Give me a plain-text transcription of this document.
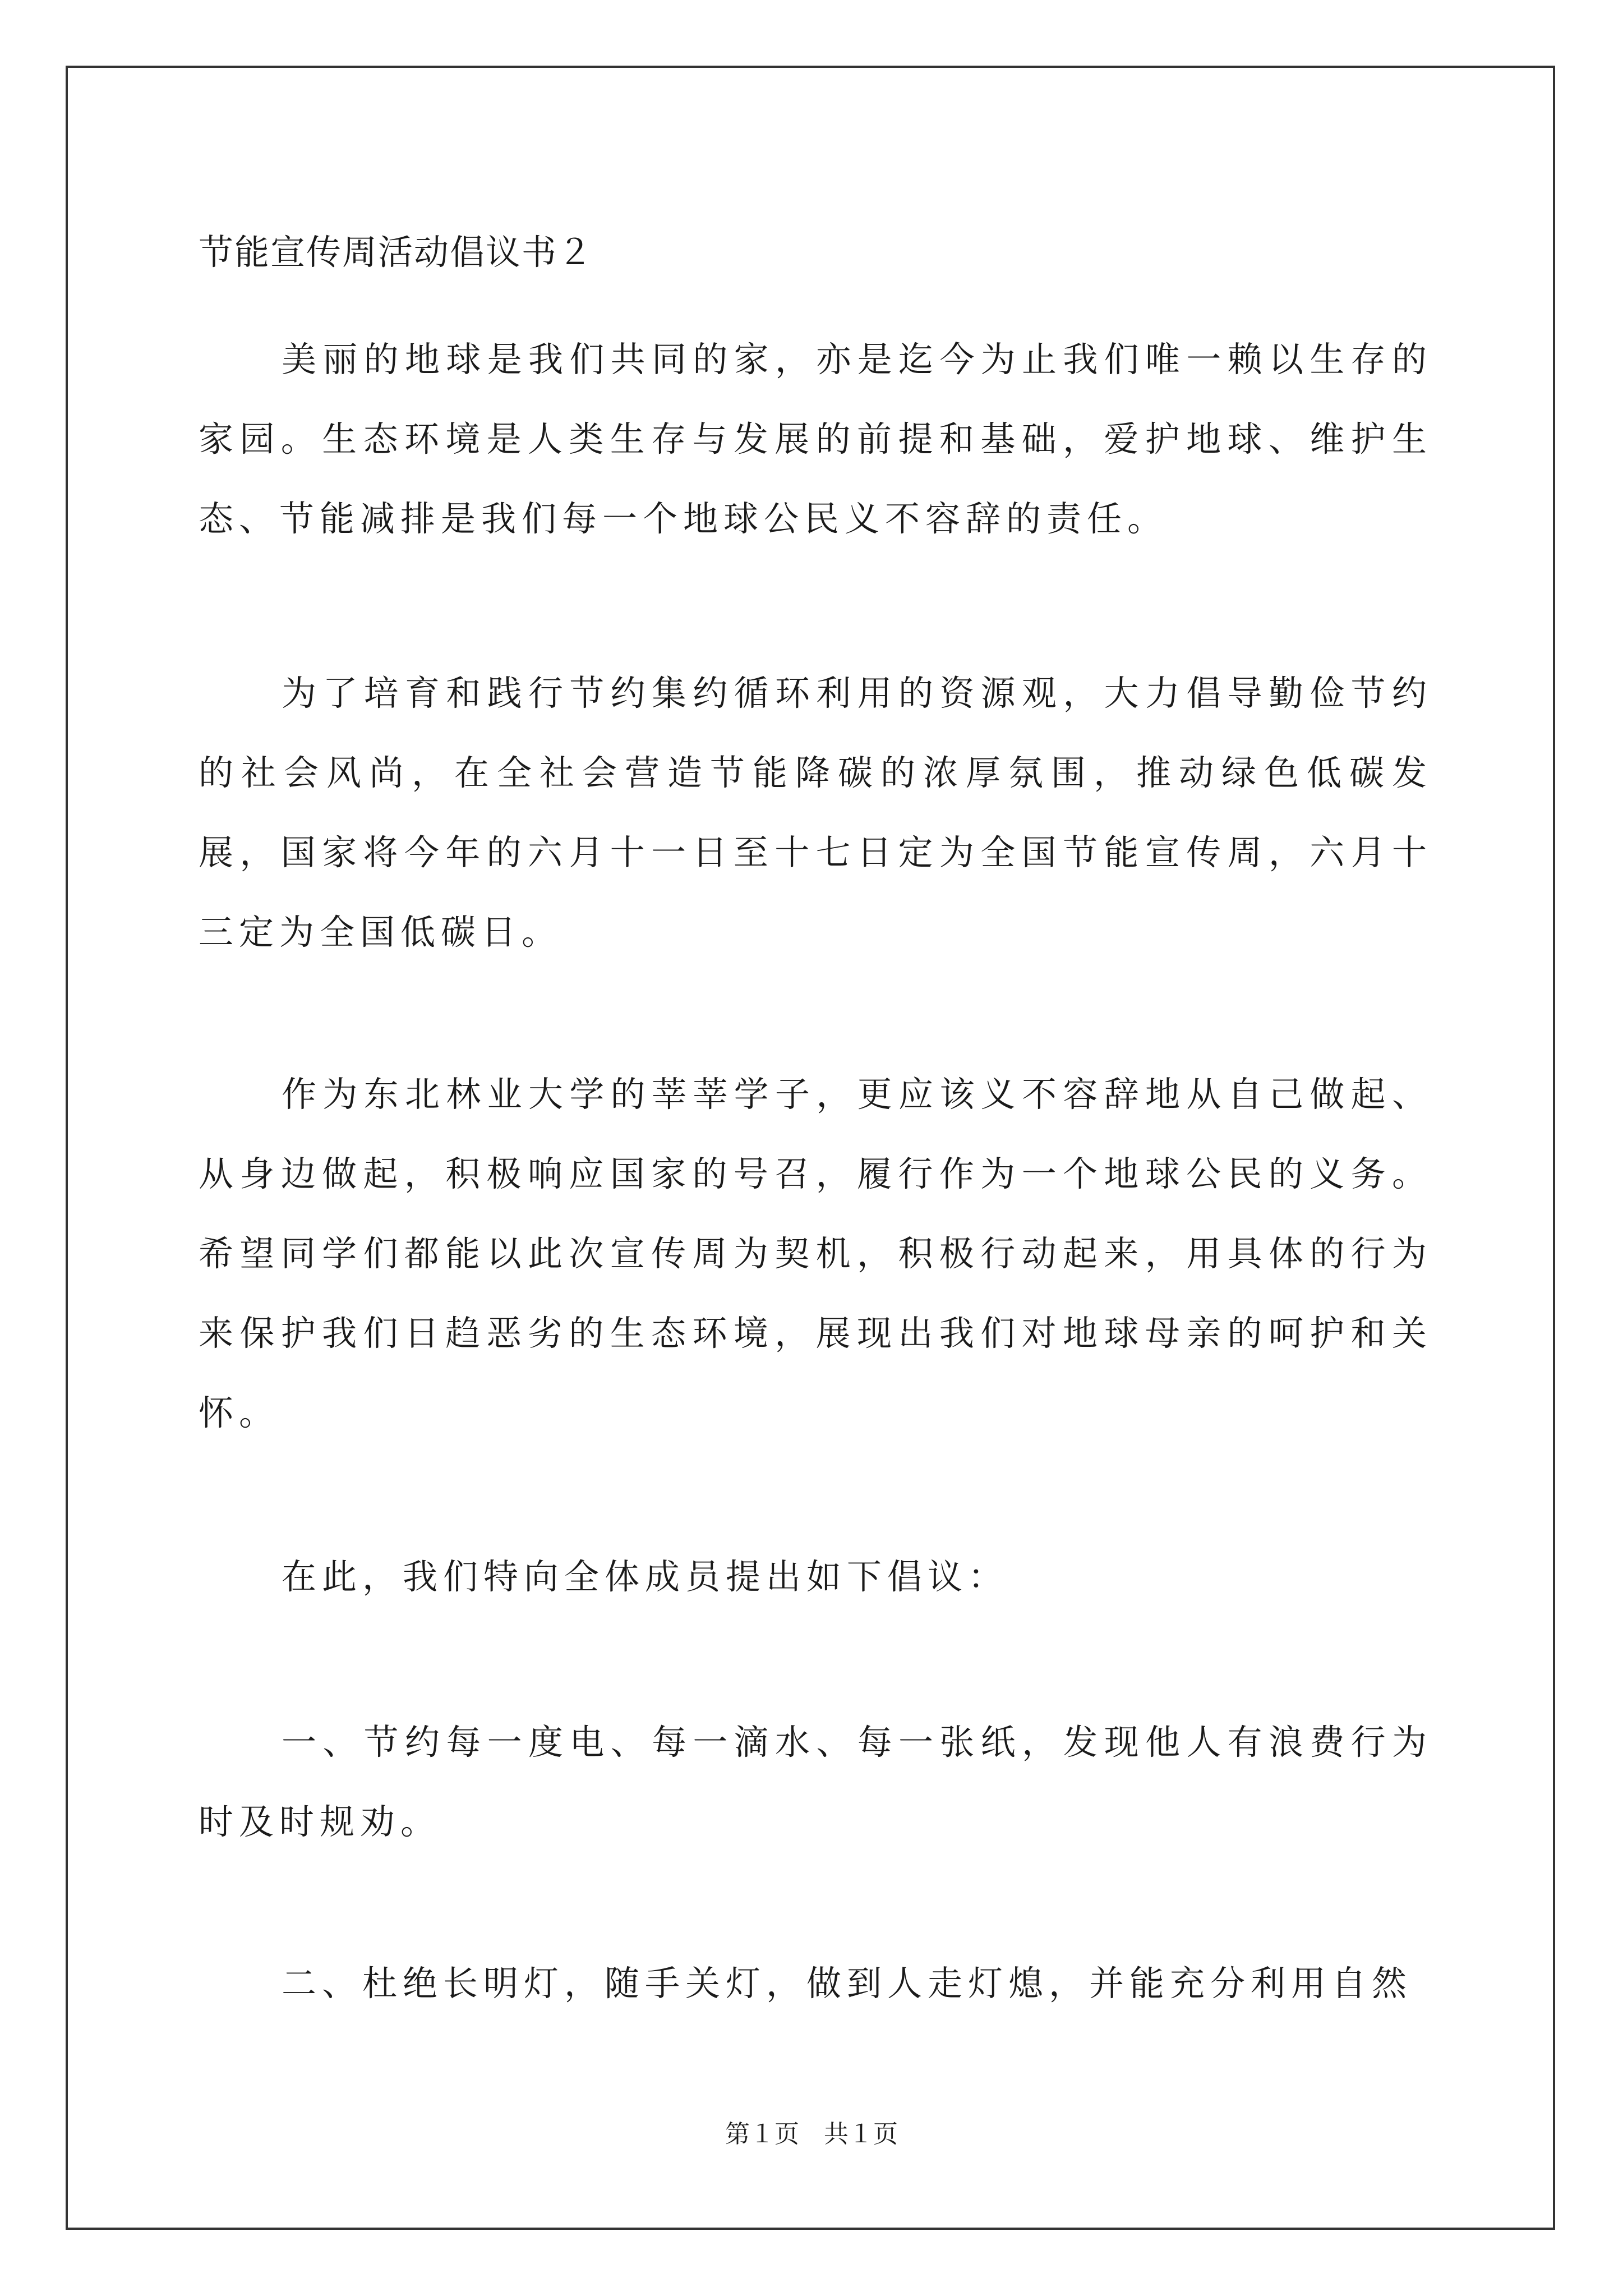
节能宣传周活动倡议书２
美丽的地球是我们共同的家，亦是迄今为止我们唯一赖以生存的家园。生态环境是人类生存与发展的前提和基础，爱护地球、维护生态、节能减排是我们每一个地球公民义不容辞的责任。
为了培育和践行节约集约循环利用的资源观，大力倡导勤俭节约的社会风尚，在全社会营造节能降碳的浓厚氛围，推动绿色低碳发展，国家将今年的六月十一日至十七日定为全国节能宣传周，六月十三定为全国低碳日。
作为东北林业大学的莘莘学子，更应该义不容辞地从自己做起、从身边做起，积极响应国家的号召，履行作为一个地球公民的义务。希望同学们都能以此次宣传周为契机，积极行动起来，用具体的行为来保护我们日趋恶劣的生态环境，展现出我们对地球母亲的呵护和关怀。
在此，我们特向全体成员提出如下倡议：
一、节约每一度电、每一滴水、每一张纸，发现他人有浪费行为时及时规劝。
二、杜绝长明灯，随手关灯，做到人走灯熄，并能充分利用自然
第１页　共１页
